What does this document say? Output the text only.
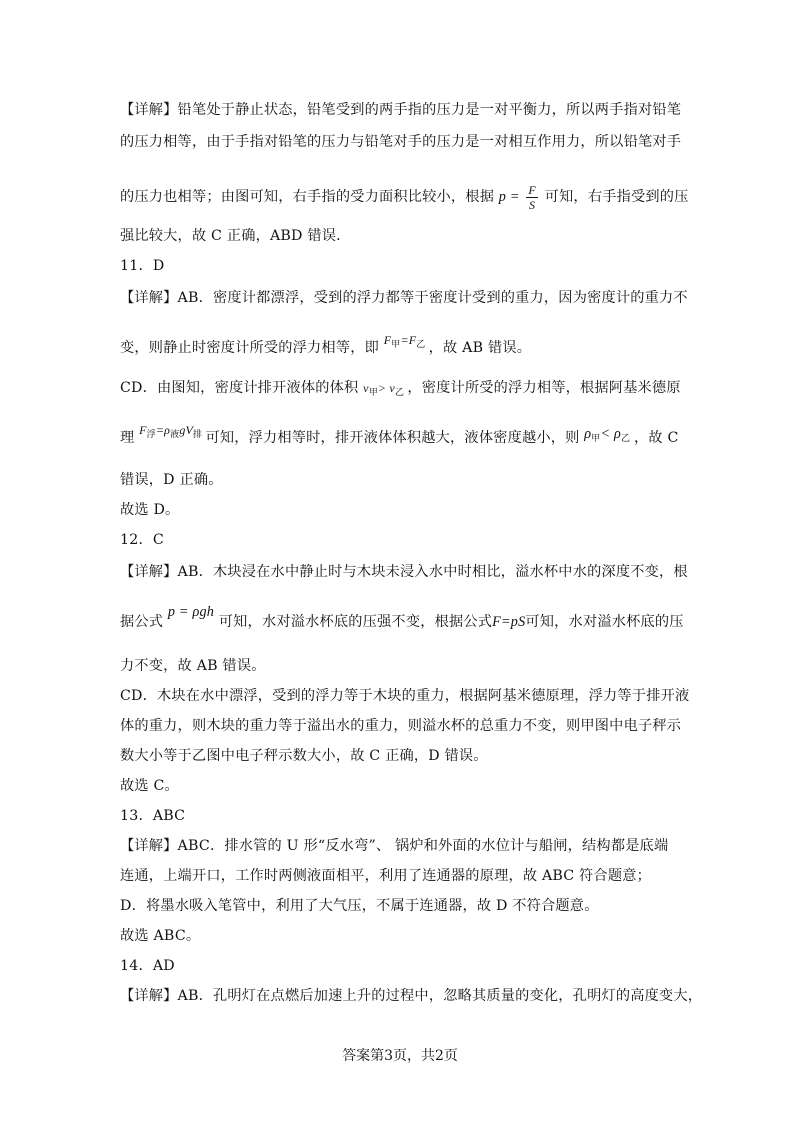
【详解】铅笔处于静止状态，铅笔受到的两手指的压力是一对平衡力，所以两手指对铅笔
的压力相等，由于手指对铅笔的压力与铅笔对手的压力是一对相互作用力，所以铅笔对手
的压力也相等；由图可知，右手指的受力面积比较小，根据 $p = \frac{F}{S}$ 可知，右手指受到的压
强比较大，故 C 正确，ABD 错误．
11．D
【详解】AB．密度计都漂浮，受到的浮力都等于密度计受到的重力，因为密度计的重力不
变，则静止时密度计所受的浮力相等，即 $^{F_甲=F_乙}$ ，故 AB 错误。
CD．由图知，密度计排开液体的体积 $v_甲> v_乙$ ，密度计所受的浮力相等，根据阿基米德原
理 $^{F_浮=\rho_液gV_排}$ 可知，浮力相等时，排开液体体积越大，液体密度越小，则 $\rho_甲< \rho_乙$ ，故 C
错误，D 正确。
故选 D。
12．C
【详解】AB．木块浸在水中静止时与木块未浸入水中时相比，溢水杯中水的深度不变，根
据公式 p = ρgh 可知，水对溢水杯底的压强不变，根据公式F=pS可知，水对溢水杯底的压
力不变，故 AB 错误。
CD．木块在水中漂浮，受到的浮力等于木块的重力，根据阿基米德原理，浮力等于排开液
体的重力，则木块的重力等于溢出水的重力，则溢水杯的总重力不变，则甲图中电子秤示
数大小等于乙图中电子秤示数大小，故 C 正确，D 错误。
故选 C。
13．ABC
【详解】ABC．排水管的 U 形“反水弯”、 锅炉和外面的水位计与船闸，结构都是底端
连通，上端开口，工作时两侧液面相平，利用了连通器的原理，故 ABC 符合题意；
D．将墨水吸入笔管中，利用了大气压，不属于连通器，故 D 不符合题意。
故选 ABC。
14．AD
【详解】AB．孔明灯在点燃后加速上升的过程中，忽略其质量的变化，孔明灯的高度变大，
答案第3页，共2页
